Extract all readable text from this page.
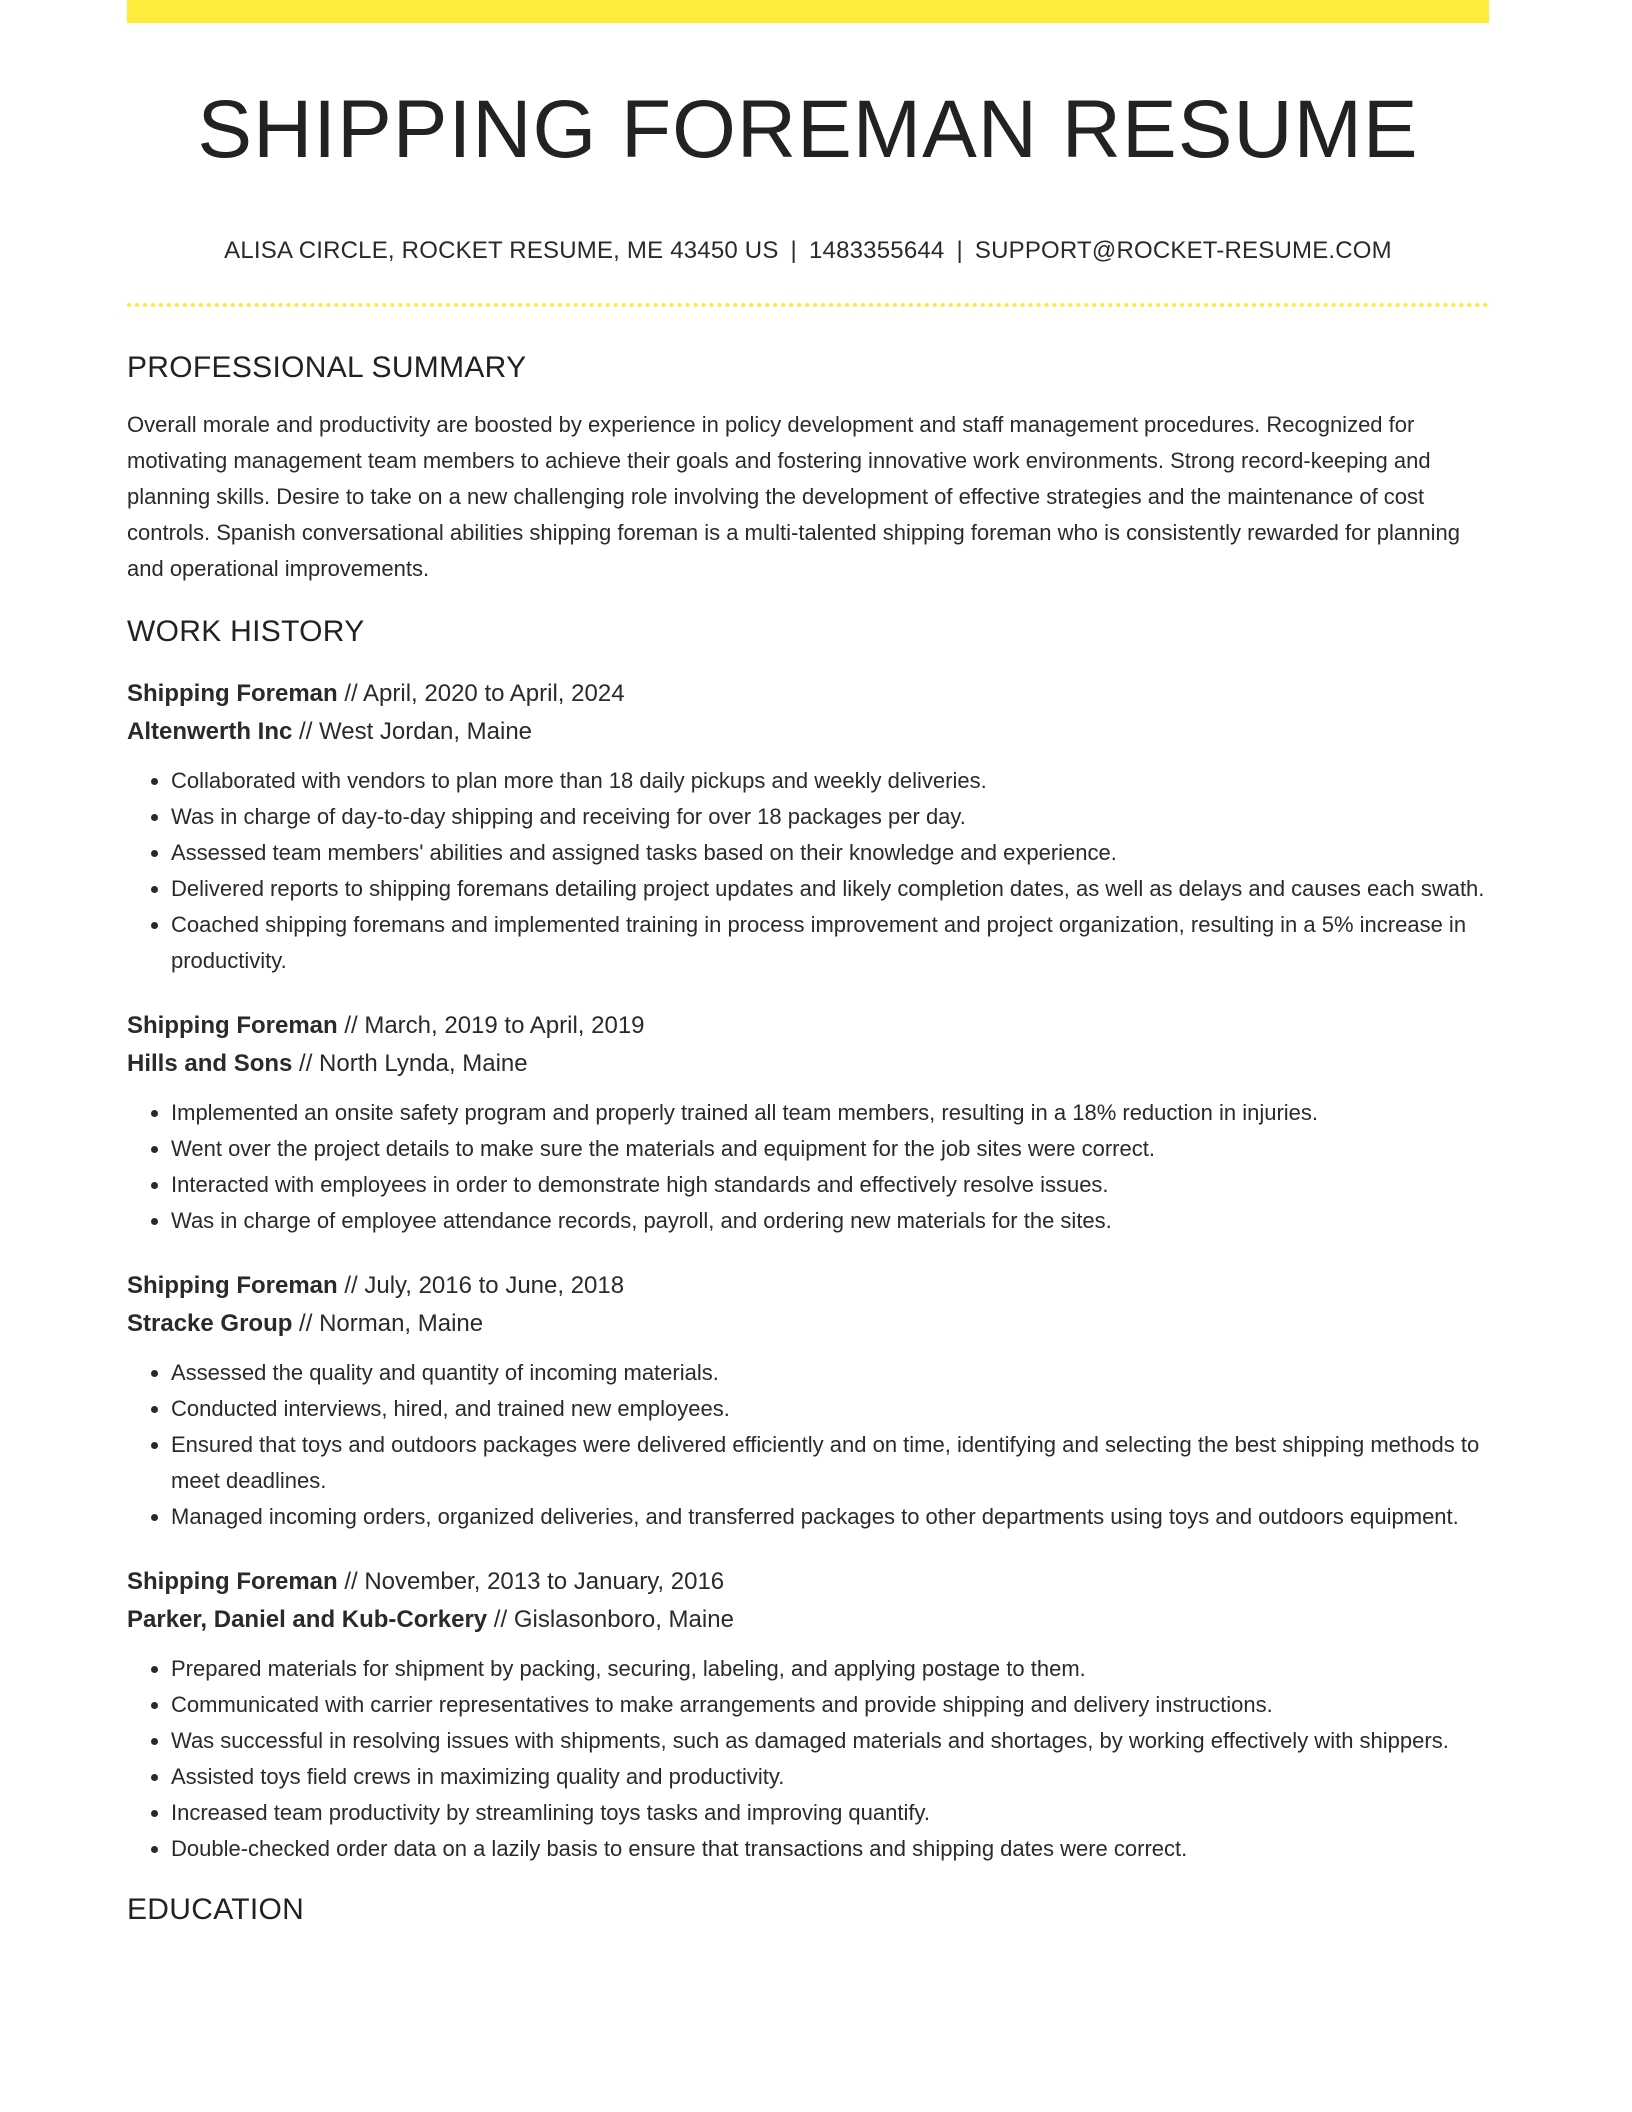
SHIPPING FOREMAN RESUME
ALISA CIRCLE, ROCKET RESUME, ME 43450 US | 1483355644 | SUPPORT@ROCKET-RESUME.COM
PROFESSIONAL SUMMARY

Overall morale and productivity are boosted by experience in policy development and staff management procedures. Recognized for motivating management team members to achieve their goals and fostering innovative work environments. Strong record-keeping and planning skills. Desire to take on a new challenging role involving the development of effective strategies and the maintenance of cost controls. Spanish conversational abilities shipping foreman is a multi-talented shipping foreman who is consistently rewarded for planning and operational improvements.

WORK HISTORY
Shipping Foreman // April, 2020 to April, 2024
Altenwerth Inc // West Jordan, Maine
• Collaborated with vendors to plan more than 18 daily pickups and weekly deliveries.
• Was in charge of day-to-day shipping and receiving for over 18 packages per day.
• Assessed team members' abilities and assigned tasks based on their knowledge and experience.
• Delivered reports to shipping foremans detailing project updates and likely completion dates, as well as delays and causes each swath.
• Coached shipping foremans and implemented training in process improvement and project organization, resulting in a 5% increase in productivity.
Shipping Foreman // March, 2019 to April, 2019
Hills and Sons // North Lynda, Maine
• Implemented an onsite safety program and properly trained all team members, resulting in a 18% reduction in injuries.
• Went over the project details to make sure the materials and equipment for the job sites were correct.
• Interacted with employees in order to demonstrate high standards and effectively resolve issues.
• Was in charge of employee attendance records, payroll, and ordering new materials for the sites.
Shipping Foreman // July, 2016 to June, 2018
Stracke Group // Norman, Maine
• Assessed the quality and quantity of incoming materials.
• Conducted interviews, hired, and trained new employees.
• Ensured that toys and outdoors packages were delivered efficiently and on time, identifying and selecting the best shipping methods to meet deadlines.
• Managed incoming orders, organized deliveries, and transferred packages to other departments using toys and outdoors equipment.
Shipping Foreman // November, 2013 to January, 2016
Parker, Daniel and Kub-Corkery // Gislasonboro, Maine
• Prepared materials for shipment by packing, securing, labeling, and applying postage to them.
• Communicated with carrier representatives to make arrangements and provide shipping and delivery instructions.
• Was successful in resolving issues with shipments, such as damaged materials and shortages, by working effectively with shippers.
• Assisted toys field crews in maximizing quality and productivity.
• Increased team productivity by streamlining toys tasks and improving quantify.
• Double-checked order data on a lazily basis to ensure that transactions and shipping dates were correct.
EDUCATION
